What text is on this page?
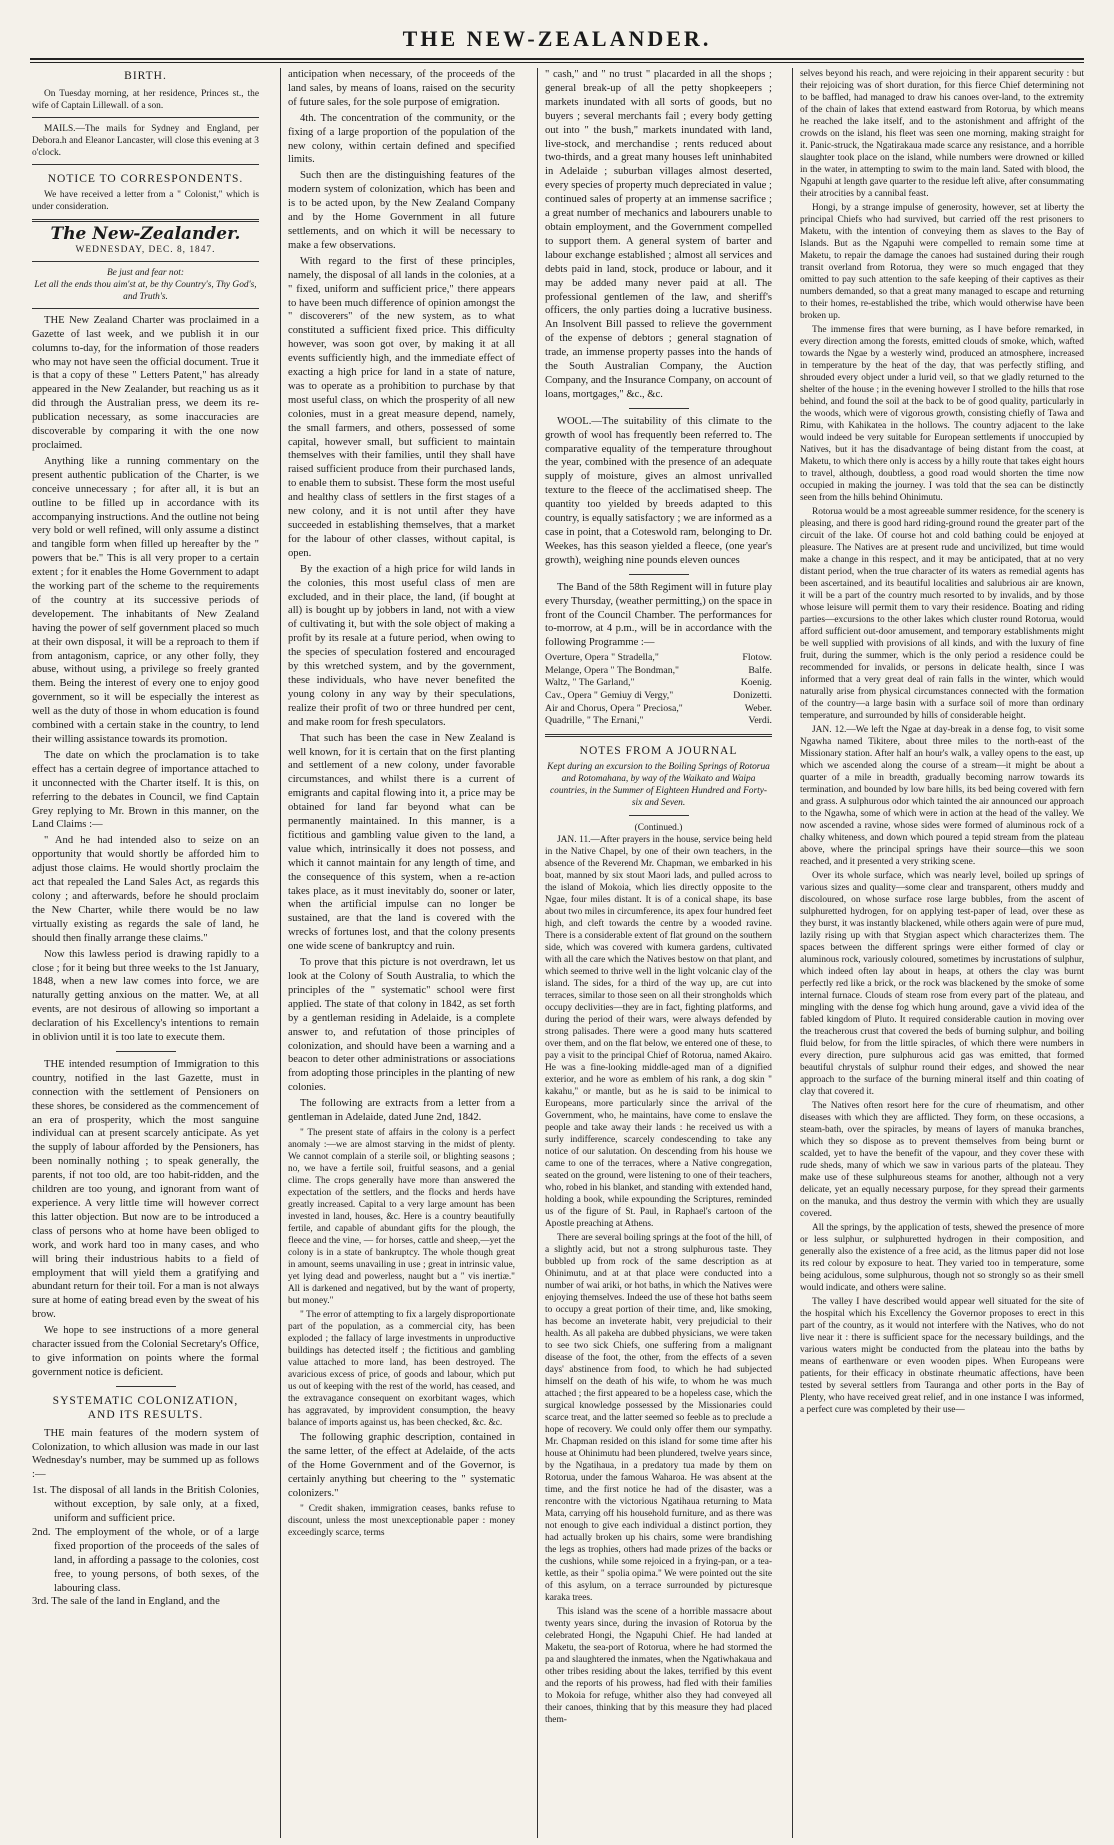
THE NEW-ZEALANDER.
BIRTH.

On Tuesday morning, at her residence, Princes st., the wife of Captain Lillewall. of a son.

MAILS.—The mails for Sydney and England, per Debora.h and Eleanor Lancaster, will close this evening at 3 o'clock.

NOTICE TO CORRESPONDENTS.

We have received a letter from a " Colonist," which is under consideration.

The New-Zealander.
WEDNESDAY, DEC. 8, 1847.
Be just and fear not:
Let all the ends thou aim'st at, be thy Country's, Thy God's, and Truth's.

THE New Zealand Charter was proclaimed in a Gazette of last week, and we publish it in our columns to-day, for the information of those readers who may not have seen the official document. True it is that a copy of these " Letters Patent," has already appeared in the New Zealander, but reaching us as it did through the Australian press, we deem its re-publication necessary, as some inaccuracies are discoverable by comparing it with the one now proclaimed.

Anything like a running commentary on the present authentic publication of the Charter, is we conceive unnecessary ; for after all, it is but an outline to be filled up in accordance with its accompanying instructions. And the outline not being very bold or well refined, will only assume a distinct and tangible form when filled up hereafter by the " powers that be." This is all very proper to a certain extent ; for it enables the Home Government to adapt the working part of the scheme to the requirements of the country at its successive periods of developement. The inhabitants of New Zealand having the power of self government placed so much at their own disposal, it will be a reproach to them if from antagonism, caprice, or any other folly, they abuse, without using, a privilege so freely granted them. Being the interest of every one to enjoy good government, so it will be especially the interest as well as the duty of those in whom education is found combined with a certain stake in the country, to lend their willing assistance towards its promotion.

The date on which the proclamation is to take effect has a certain degree of importance attached to it unconnected with the Charter itself. It is this, on referring to the debates in Council, we find Captain Grey replying to Mr. Brown in this manner, on the Land Claims :—

" And he had intended also to seize on an opportunity that would shortly be afforded him to adjust those claims. He would shortly proclaim the act that repealed the Land Sales Act, as regards this colony ; and afterwards, before he should proclaim the New Charter, while there would be no law virtually existing as regards the sale of land, he should then finally arrange these claims."

Now this lawless period is drawing rapidly to a close ; for it being but three weeks to the 1st January, 1848, when a new law comes into force, we are naturally getting anxious on the matter. We, at all events, are not desirous of allowing so important a declaration of his Excellency's intentions to remain in oblivion until it is too late to execute them.

THE intended resumption of Immigration to this country, notified in the last Gazette, must in connection with the settlement of Pensioners on these shores, be considered as the commencement of an era of prosperity, which the most sanguine individual can at present scarcely anticipate. As yet the supply of labour afforded by the Pensioners, has been nominally nothing ; to speak generally, the parents, if not too old, are too habit-ridden, and the children are too young, and ignorant from want of experience. A very little time will however correct this latter objection. But now are to be introduced a class of persons who at home have been obliged to work, and work hard too in many cases, and who will bring their industrious habits to a field of employment that will yield them a gratifying and abundant return for their toil. For a man is not always sure at home of eating bread even by the sweat of his brow.

We hope to see instructions of a more general character issued from the Colonial Secretary's Office, to give information on points where the formal government notice is deficient.

SYSTEMATIC COLONIZATION,
AND ITS RESULTS.

THE main features of the modern system of Colonization, to which allusion was made in our last Wednesday's number, may be summed up as follows :—

1st. The disposal of all lands in the British Colonies, without exception, by sale only, at a fixed, uniform and sufficient price.
2nd. The employment of the whole, or of a large fixed proportion of the proceeds of the sales of land, in affording a passage to the colonies, cost free, to young persons, of both sexes, of the labouring class.
3rd. The sale of the land in England, and the

anticipation when necessary, of the proceeds of the land sales, by means of loans, raised on the security of future sales, for the sole purpose of emigration.

4th. The concentration of the community, or the fixing of a large proportion of the population of the new colony, within certain defined and specified limits.

Such then are the distinguishing features of the modern system of colonization, which has been and is to be acted upon, by the New Zealand Company and by the Home Government in all future settlements, and on which it will be necessary to make a few observations.

With regard to the first of these principles, namely, the disposal of all lands in the colonies, at a " fixed, uniform and sufficient price," there appears to have been much difference of opinion amongst the " discoverers" of the new system, as to what constituted a sufficient fixed price. This difficulty however, was soon got over, by making it at all events sufficiently high, and the immediate effect of exacting a high price for land in a state of nature, was to operate as a prohibition to purchase by that most useful class, on which the prosperity of all new colonies, must in a great measure depend, namely, the small farmers, and others, possessed of some capital, however small, but sufficient to maintain themselves with their families, until they shall have raised sufficient produce from their purchased lands, to enable them to subsist. These form the most useful and healthy class of settlers in the first stages of a new colony, and it is not until after they have succeeded in establishing themselves, that a market for the labour of other classes, without capital, is open.

By the exaction of a high price for wild lands in the colonies, this most useful class of men are excluded, and in their place, the land, (if bought at all) is bought up by jobbers in land, not with a view of cultivating it, but with the sole object of making a profit by its resale at a future period, when owing to the species of speculation fostered and encouraged by this wretched system, and by the government, these individuals, who have never benefited the young colony in any way by their speculations, realize their profit of two or three hundred per cent, and make room for fresh speculators.

That such has been the case in New Zealand is well known, for it is certain that on the first planting and settlement of a new colony, under favorable circumstances, and whilst there is a current of emigrants and capital flowing into it, a price may be obtained for land far beyond what can be permanently maintained. In this manner, is a fictitious and gambling value given to the land, a value which, intrinsically it does not possess, and which it cannot maintain for any length of time, and the consequence of this system, when a re-action takes place, as it must inevitably do, sooner or later, when the artificial impulse can no longer be sustained, are that the land is covered with the wrecks of fortunes lost, and that the colony presents one wide scene of bankruptcy and ruin.

To prove that this picture is not overdrawn, let us look at the Colony of South Australia, to which the principles of the " systematic" school were first applied. The state of that colony in 1842, as set forth by a gentleman residing in Adelaide, is a complete answer to, and refutation of those principles of colonization, and should have been a warning and a beacon to deter other administrations or associations from adopting those principles in the planting of new colonies.

The following are extracts from a letter from a gentleman in Adelaide, dated June 2nd, 1842.

" The present state of affairs in the colony is a perfect anomaly :—we are almost starving in the midst of plenty. We cannot complain of a sterile soil, or blighting seasons ; no, we have a fertile soil, fruitful seasons, and a genial clime. The crops generally have more than answered the expectation of the settlers, and the flocks and herds have greatly increased. Capital to a very large amount has been invested in land, houses, &c. Here is a country beautifully fertile, and capable of abundant gifts for the plough, the fleece and the vine, — for horses, cattle and sheep,—yet the colony is in a state of bankruptcy. The whole though great in amount, seems unavailing in use ; great in intrinsic value, yet lying dead and powerless, naught but a " vis inertiæ." All is darkened and negatived, but by the want of property, but money."

" The error of attempting to fix a largely disproportionate part of the population, as a commercial city, has been exploded ; the fallacy of large investments in unproductive buildings has detected itself ; the fictitious and gambling value attached to more land, has been destroyed. The avaricious excess of price, of goods and labour, which put us out of keeping with the rest of the world, has ceased, and the extravagance consequent on exorbitant wages, which has aggravated, by improvident consumption, the heavy balance of imports against us, has been checked, &c. &c.

The following graphic description, contained in the same letter, of the effect at Adelaide, of the acts of the Home Government and of the Governor, is certainly anything but cheering to the " systematic colonizers."

" Credit shaken, immigration ceases, banks refuse to discount, unless the most unexceptionable paper : money exceedingly scarce, terms

" cash," and " no trust " placarded in all the shops ; general break-up of all the petty shopkeepers ; markets inundated with all sorts of goods, but no buyers ; several merchants fail ; every body getting out into " the bush," markets inundated with land, live-stock, and merchandise ; rents reduced about two-thirds, and a great many houses left uninhabited in Adelaide ; suburban villages almost deserted, every species of property much depreciated in value ; continued sales of property at an immense sacrifice ; a great number of mechanics and labourers unable to obtain employment, and the Government compelled to support them. A general system of barter and labour exchange established ; almost all services and debts paid in land, stock, produce or labour, and it may be added many never paid at all. The professional gentlemen of the law, and sheriff's officers, the only parties doing a lucrative business. An Insolvent Bill passed to relieve the government of the expense of debtors ; general stagnation of trade, an immense property passes into the hands of the South Australian Company, the Auction Company, and the Insurance Company, on account of loans, mortgages," &c., &c.

WOOL.—The suitability of this climate to the growth of wool has frequently been referred to. The comparative equality of the temperature throughout the year, combined with the presence of an adequate supply of moisture, gives an almost unrivalled texture to the fleece of the acclimatised sheep. The quantity too yielded by breeds adapted to this country, is equally satisfactory ; we are informed as a case in point, that a Coteswold ram, belonging to Dr. Weekes, has this season yielded a fleece, (one year's growth), weighing nine pounds eleven ounces

The Band of the 58th Regiment will in future play every Thursday, (weather permitting,) on the space in front of the Council Chamber. The performances for to-morrow, at 4 p.m., will be in accordance with the following Programme :—

Overture, Opera " Stradella,"	Flotow.
Melange, Opera " The Bondman,"	Balfe.
Waltz, " The Garland,"	Koenig.
Cav., Opera " Gemiuy di Vergy,"	Donizetti.
Air and Chorus, Opera " Preciosa,"	Weber.
Quadrille, " The Ernani,"	Verdi.
NOTES FROM A JOURNAL

Kept during an excursion to the Boiling Springs of Rotorua and Rotomahana, by way of the Waikato and Waipa countries, in the Summer of Eighteen Hundred and Forty-six and Seven.

(Continued.)

JAN. 11.—After prayers in the house, service being held in the Native Chapel, by one of their own teachers, in the absence of the Reverend Mr. Chapman, we embarked in his boat, manned by six stout Maori lads, and pulled across to the island of Mokoia, which lies directly opposite to the Ngae, four miles distant. It is of a conical shape, its base about two miles in circumference, its apex four hundred feet high, and cleft towards the centre by a wooded ravine. There is a considerable extent of flat ground on the southern side, which was covered with kumera gardens, cultivated with all the care which the Natives bestow on that plant, and which seemed to thrive well in the light volcanic clay of the island. The sides, for a third of the way up, are cut into terraces, similar to those seen on all their strongholds which occupy declivities—they are in fact, fighting platforms, and during the period of their wars, were always defended by strong palisades. There were a good many huts scattered over them, and on the flat below, we entered one of these, to pay a visit to the principal Chief of Rotorua, named Akairo. He was a fine-looking middle-aged man of a dignified exterior, and he wore as emblem of his rank, a dog skin " kakahu," or mantle, but as he is said to be inimical to Europeans, more particularly since the arrival of the Government, who, he maintains, have come to enslave the people and take away their lands : he received us with a surly indifference, scarcely condescending to take any notice of our salutation. On descending from his house we came to one of the terraces, where a Native congregation, seated on the ground, were listening to one of their teachers, who, robed in his blanket, and standing with extended hand, holding a book, while expounding the Scriptures, reminded us of the figure of St. Paul, in Raphael's cartoon of the Apostle preaching at Athens.

There are several boiling springs at the foot of the hill, of a slightly acid, but not a strong sulphurous taste. They bubbled up from rock of the same description as at Ohinimutu, and at at that place were conducted into a number of wai ariki, or hot baths, in which the Natives were enjoying themselves. Indeed the use of these hot baths seem to occupy a great portion of their time, and, like smoking, has become an inveterate habit, very prejudicial to their health. As all pakeha are dubbed physicians, we were taken to see two sick Chiefs, one suffering from a malignant disease of the foot, the other, from the effects of a seven days' abstinence from food, to which he had subjected himself on the death of his wife, to whom he was much attached ; the first appeared to be a hopeless case, which the surgical knowledge possessed by the Missionaries could scarce treat, and the latter seemed so feeble as to preclude a hope of recovery. We could only offer them our sympathy. Mr. Chapman resided on this island for some time after his house at Ohinimutu had been plundered, twelve years since, by the Ngatihaua, in a predatory tua made by them on Rotorua, under the famous Waharoa. He was absent at the time, and the first notice he had of the disaster, was a rencontre with the victorious Ngatihaua returning to Mata Mata, carrying off his household furniture, and as there was not enough to give each individual a distinct portion, they had actually broken up his chairs, some were brandishing the legs as trophies, others had made prizes of the backs or the cushions, while some rejoiced in a frying-pan, or a tea-kettle, as their " spolia opima." We were pointed out the site of this asylum, on a terrace surrounded by picturesque karaka trees.

This island was the scene of a horrible massacre about twenty years since, during the invasion of Rotorua by the celebrated Hongi, the Ngapuhi Chief. He had landed at Maketu, the sea-port of Rotorua, where he had stormed the pa and slaughtered the inmates, when the Ngatiwhakaua and other tribes residing about the lakes, terrified by this event and the reports of his prowess, had fled with their families to Mokoia for refuge, whither also they had conveyed all their canoes, thinking that by this measure they had placed them-

selves beyond his reach, and were rejoicing in their apparent security : but their rejoicing was of short duration, for this fierce Chief determining not to be baffled, had managed to draw his canoes over-land, to the extremity of the chain of lakes that extend eastward from Rotorua, by which means he reached the lake itself, and to the astonishment and affright of the crowds on the island, his fleet was seen one morning, making straight for it. Panic-struck, the Ngatirakaua made scarce any resistance, and a horrible slaughter took place on the island, while numbers were drowned or killed in the water, in attempting to swim to the main land. Sated with blood, the Ngapuhi at length gave quarter to the residue left alive, after consummating their atrocities by a cannibal feast.

Hongi, by a strange impulse of generosity, however, set at liberty the principal Chiefs who had survived, but carried off the rest prisoners to Maketu, with the intention of conveying them as slaves to the Bay of Islands. But as the Ngapuhi were compelled to remain some time at Maketu, to repair the damage the canoes had sustained during their rough transit overland from Rotorua, they were so much engaged that they omitted to pay such attention to the safe keeping of their captives as their numbers demanded, so that a great many managed to escape and returning to their homes, re-established the tribe, which would otherwise have been broken up.

The immense fires that were burning, as I have before remarked, in every direction among the forests, emitted clouds of smoke, which, wafted towards the Ngae by a westerly wind, produced an atmosphere, increased in temperature by the heat of the day, that was perfectly stifling, and shrouded every object under a lurid veil, so that we gladly returned to the shelter of the house ; in the evening however I strolled to the hills that rose behind, and found the soil at the back to be of good quality, particularly in the woods, which were of vigorous growth, consisting chiefly of Tawa and Rimu, with Kahikatea in the hollows. The country adjacent to the lake would indeed be very suitable for European settlements if unoccupied by Natives, but it has the disadvantage of being distant from the coast, at Maketu, to which there only is access by a hilly route that takes eight hours to travel, although, doubtless, a good road would shorten the time now occupied in making the journey. I was told that the sea can be distinctly seen from the hills behind Ohinimutu.

Rotorua would be a most agreeable summer residence, for the scenery is pleasing, and there is good hard riding-ground round the greater part of the circuit of the lake. Of course hot and cold bathing could be enjoyed at pleasure. The Natives are at present rude and uncivilized, but time would make a change in this respect, and it may be anticipated, that at no very distant period, when the true character of its waters as remedial agents has been ascertained, and its beautiful localities and salubrious air are known, it will be a part of the country much resorted to by invalids, and by those whose leisure will permit them to vary their residence. Boating and riding parties—excursions to the other lakes which cluster round Rotorua, would afford sufficient out-door amusement, and temporary establishments might be well supplied with provisions of all kinds, and with the luxury of fine fruit, during the summer, which is the only period a residence could be recommended for invalids, or persons in delicate health, since I was informed that a very great deal of rain falls in the winter, which would naturally arise from physical circumstances connected with the formation of the country—a large basin with a surface soil of more than ordinary temperature, and surrounded by hills of considerable height.

JAN. 12.—We left the Ngae at day-break in a dense fog, to visit some Ngawha named Tikitere, about three miles to the north-east of the Missionary station. After half an hour's walk, a valley opens to the east, up which we ascended along the course of a stream—it might be about a quarter of a mile in breadth, gradually becoming narrow towards its termination, and bounded by low bare hills, its bed being covered with fern and grass. A sulphurous odor which tainted the air announced our approach to the Ngawha, some of which were in action at the head of the valley. We now ascended a ravine, whose sides were formed of aluminous rock of a chalky whiteness, and down which poured a tepid stream from the plateau above, where the principal springs have their source—this we soon reached, and it presented a very striking scene.

Over its whole surface, which was nearly level, boiled up springs of various sizes and quality—some clear and transparent, others muddy and discoloured, on whose surface rose large bubbles, from the ascent of sulphuretted hydrogen, for on applying test-paper of lead, over these as they burst, it was instantly blackened, while others again were of pure mud, lazily rising up with that Stygian aspect which characterizes them. The spaces between the different springs were either formed of clay or aluminous rock, variously coloured, sometimes by incrustations of sulphur, which indeed often lay about in heaps, at others the clay was burnt perfectly red like a brick, or the rock was blackened by the smoke of some internal furnace. Clouds of steam rose from every part of the plateau, and mingling with the dense fog which hung around, gave a vivid idea of the fabled kingdom of Pluto. It required considerable caution in moving over the treacherous crust that covered the beds of burning sulphur, and boiling fluid below, for from the little spiracles, of which there were numbers in every direction, pure sulphurous acid gas was emitted, that formed beautiful chrystals of sulphur round their edges, and showed the near approach to the surface of the burning mineral itself and thin coating of clay that covered it.

The Natives often resort here for the cure of rheumatism, and other diseases with which they are afflicted. They form, on these occasions, a steam-bath, over the spiracles, by means of layers of manuka branches, which they so dispose as to prevent themselves from being burnt or scalded, yet to have the benefit of the vapour, and they cover these with rude sheds, many of which we saw in various parts of the plateau. They make use of these sulphureous steams for another, although not a very delicate, yet an equally necessary purpose, for they spread their garments on the manuka, and thus destroy the vermin with which they are usually covered.

All the springs, by the application of tests, shewed the presence of more or less sulphur, or sulphuretted hydrogen in their composition, and generally also the existence of a free acid, as the litmus paper did not lose its red colour by exposure to heat. They varied too in temperature, some being acidulous, some sulphurous, though not so strongly so as their smell would indicate, and others were saline.

The valley I have described would appear well situated for the site of the hospital which his Excellency the Governor proposes to erect in this part of the country, as it would not interfere with the Natives, who do not live near it : there is sufficient space for the necessary buildings, and the various waters might be conducted from the plateau into the baths by means of earthenware or even wooden pipes. When Europeans were patients, for their efficacy in obstinate rheumatic affections, have been tested by several settlers from Tauranga and other ports in the Bay of Plenty, who have received great relief, and in one instance I was informed, a perfect cure was completed by their use—
